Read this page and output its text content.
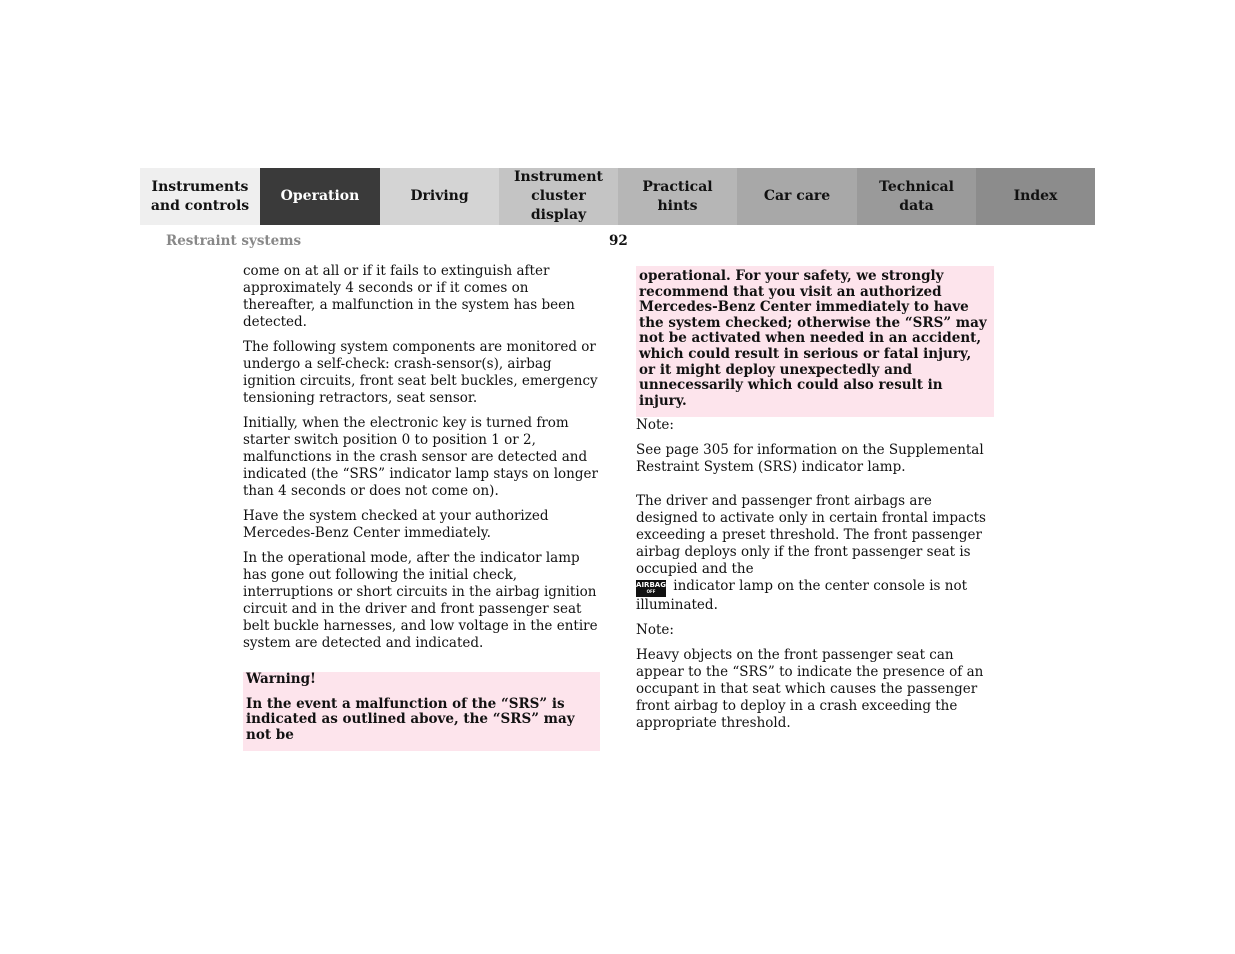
Instruments
and controls
Operation	Driving
Instrument
cluster display
Practical hints
Car care
Technical
data
Index
Restraint systems	92

come on at all or if it fails to extinguish after approximately 4 seconds or if it comes on thereafter, a malfunction in the system has been detected.

The following system components are monitored or undergo a self-check: crash-sensor(s), airbag ignition circuits, front seat belt buckles, emergency tensioning retractors, seat sensor.

Initially, when the electronic key is turned from starter switch position 0 to position 1 or 2, malfunctions in the crash sensor are detected and indicated (the “SRS” indicator lamp stays on longer than 4 seconds or does not come on).

Have the system checked at your authorized Mercedes-Benz Center immediately.

In the operational mode, after the indicator lamp has gone out following the initial check, interruptions or short circuits in the airbag ignition circuit and in the driver and front passenger seat belt buckle harnesses, and low voltage in the entire system are detected and indicated.

Warning!

In the event a malfunction of the “SRS” is indicated as outlined above, the “SRS” may not be

operational. For your safety, we strongly recommend that you visit an authorized Mercedes-Benz Center immediately to have the system checked; otherwise the “SRS” may not be activated when needed in an accident, which could result in serious or fatal injury, or it might deploy unexpectedly and unnecessarily which could also result in injury.

Note:

See page 305 for information on the Supplemental Restraint System (SRS) indicator lamp.

The driver and passenger front airbags are designed to activate only in certain frontal impacts exceeding a preset threshold. The front passenger airbag deploys only if the front passenger seat is occupied and the
AIRBAG
OFF	indicator lamp on the center console is not illuminated.

Note:

Heavy objects on the front passenger seat can appear to the “SRS” to indicate the presence of an occupant in that seat which causes the passenger front airbag to deploy in a crash exceeding the appropriate threshold.
